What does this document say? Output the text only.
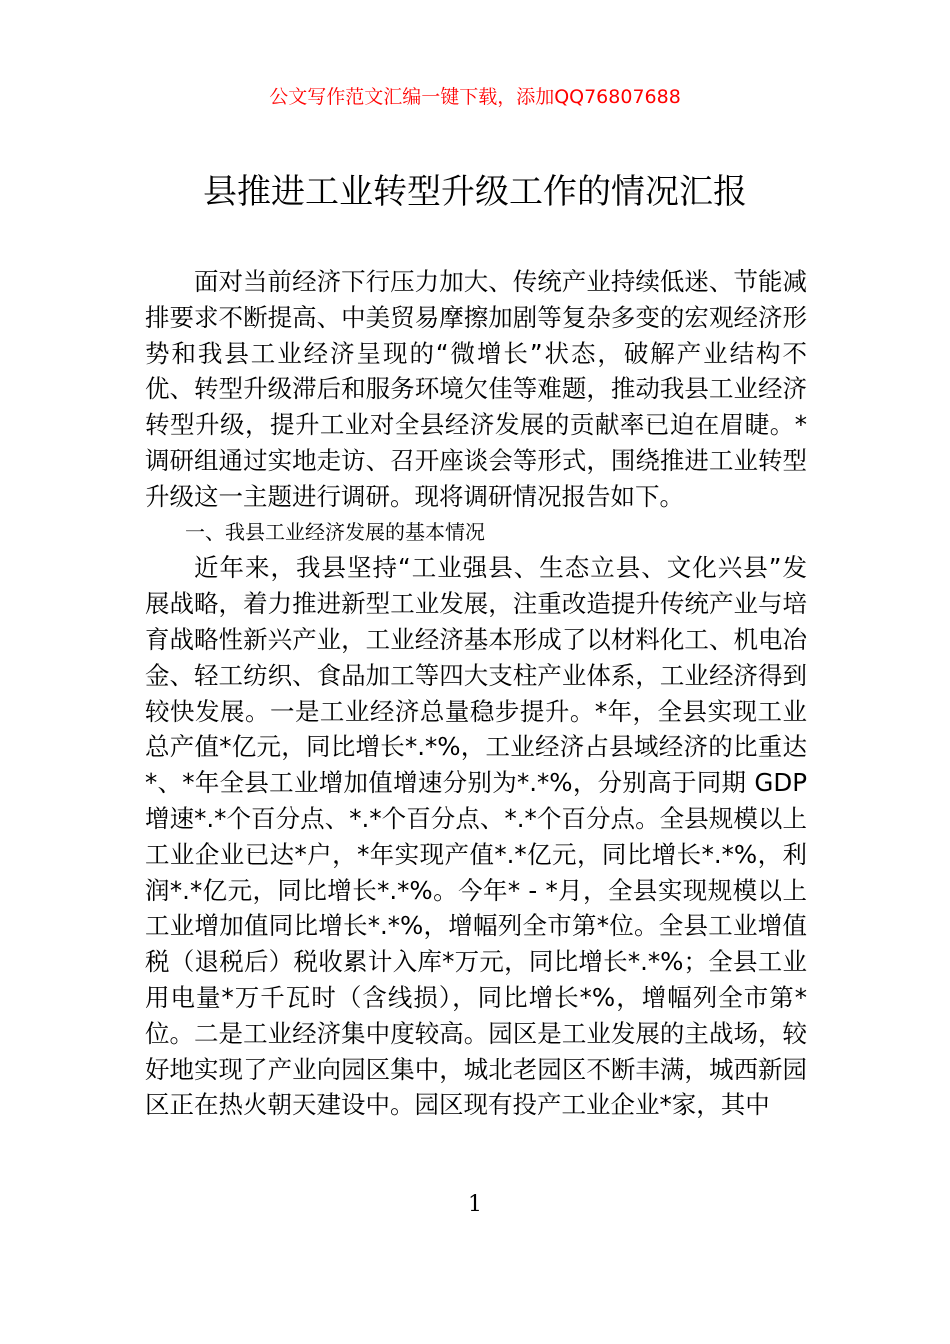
公文写作范文汇编一键下载，添加QQ76807688
县推进工业转型升级工作的情况汇报

面对当前经济下行压力加大、传统产业持续低迷、节能减排要求不断提高、中美贸易摩擦加剧等复杂多变的宏观经济形势和我县工业经济呈现的“微增长”状态，破解产业结构不优、转型升级滞后和服务环境欠佳等难题，推动我县工业经济转型升级，提升工业对全县经济发展的贡献率已迫在眉睫。*调研组通过实地走访、召开座谈会等形式，围绕推进工业转型升级这一主题进行调研。现将调研情况报告如下。

一、我县工业经济发展的基本情况

近年来，我县坚持“工业强县、生态立县、文化兴县”发展战略，着力推进新型工业发展，注重改造提升传统产业与培育战略性新兴产业，工业经济基本形成了以材料化工、机电冶金、轻工纺织、食品加工等四大支柱产业体系，工业经济得到较快发展。一是工业经济总量稳步提升。*年，全县实现工业总产值*亿元，同比增长*.*%，工业经济占县域经济的比重达*、*年全县工业增加值增速分别为*.*%，分别高于同期 GDP 增速*.*个百分点、*.*个百分点、*.*个百分点。全县规模以上工业企业已达*户，*年实现产值*.*亿元，同比增长*.*%，利润*.*亿元，同比增长*.*%。今年* - *月，全县实现规模以上工业增加值同比增长*.*%，增幅列全市第*位。全县工业增值税（退税后）税收累计入库*万元，同比增长*.*%；全县工业用电量*万千瓦时（含线损），同比增长*%，增幅列全市第*位。二是工业经济集中度较高。园区是工业发展的主战场，较好地实现了产业向园区集中，城北老园区不断丰满，城西新园区正在热火朝天建设中。园区现有投产工业企业*家，其中

1
